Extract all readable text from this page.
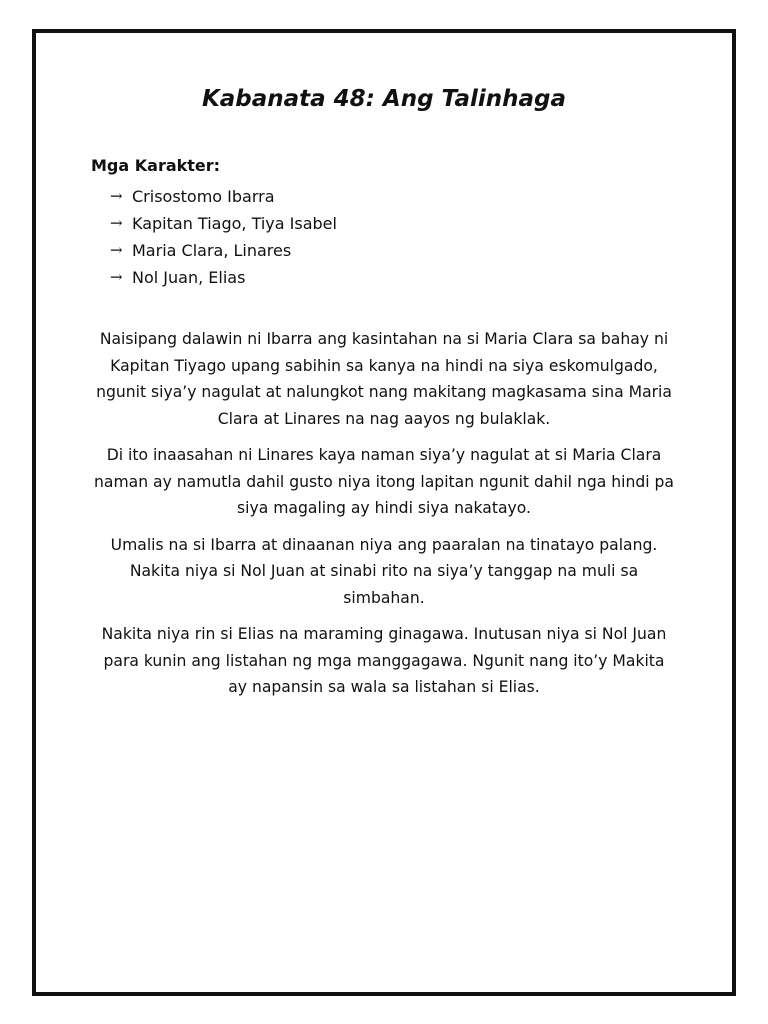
Kabanata 48: Ang Talinhaga
Mga Karakter:
→ Crisostomo Ibarra
→ Kapitan Tiago, Tiya Isabel
→ Maria Clara, Linares
→ Nol Juan, Elias

Naisipang dalawin ni Ibarra ang kasintahan na si Maria Clara sa bahay ni Kapitan Tiyago upang sabihin sa kanya na hindi na siya eskomulgado, ngunit siya’y nagulat at nalungkot nang makitang magkasama sina Maria Clara at Linares na nag aayos ng bulaklak.

Di ito inaasahan ni Linares kaya naman siya’y nagulat at si Maria Clara naman ay namutla dahil gusto niya itong lapitan ngunit dahil nga hindi pa siya magaling ay hindi siya nakatayo.

Umalis na si Ibarra at dinaanan niya ang paaralan na tinatayo palang. Nakita niya si Nol Juan at sinabi rito na siya’y tanggap na muli sa simbahan.

Nakita niya rin si Elias na maraming ginagawa. Inutusan niya si Nol Juan para kunin ang listahan ng mga manggagawa. Ngunit nang ito’y Makita ay napansin sa wala sa listahan si Elias.
